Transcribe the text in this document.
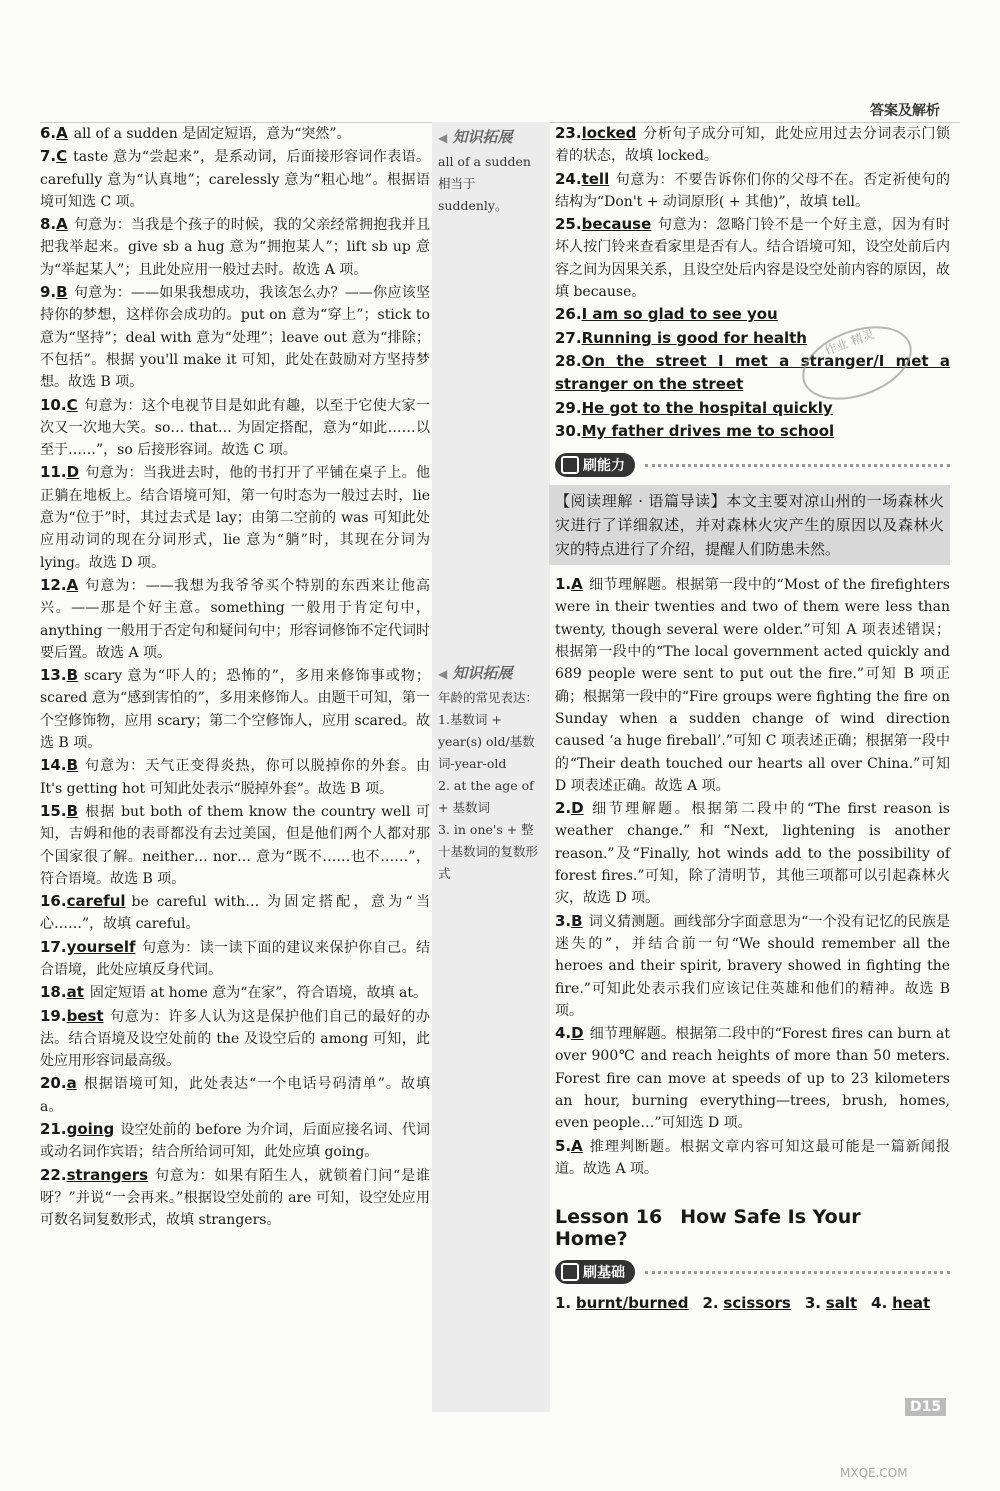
答案及解析

6.A all of a sudden 是固定短语，意为“突然”。

7.C taste 意为“尝起来”，是系动词，后面接形容词作表语。carefully 意为“认真地”；carelessly 意为“粗心地”。根据语境可知选 C 项。

8.A 句意为：当我是个孩子的时候，我的父亲经常拥抱我并且把我举起来。give sb a hug 意为“拥抱某人”；lift sb up 意为“举起某人”；且此处应用一般过去时。故选 A 项。

9.B 句意为：——如果我想成功，我该怎么办？——你应该坚持你的梦想，这样你会成功的。put on 意为“穿上”；stick to 意为“坚持”；deal with 意为“处理”；leave out 意为“排除；不包括”。根据 you'll make it 可知，此处在鼓励对方坚持梦想。故选 B 项。

10.C 句意为：这个电视节目是如此有趣，以至于它使大家一次又一次地大笑。so… that… 为固定搭配，意为“如此……以至于……”，so 后接形容词。故选 C 项。

11.D 句意为：当我进去时，他的书打开了平铺在桌子上。他正躺在地板上。结合语境可知，第一句时态为一般过去时，lie 意为“位于”时，其过去式是 lay；由第二空前的 was 可知此处应用动词的现在分词形式，lie 意为“躺”时，其现在分词为 lying。故选 D 项。

12.A 句意为：——我想为我爷爷买个特别的东西来让他高兴。——那是个好主意。something 一般用于肯定句中，anything 一般用于否定句和疑问句中；形容词修饰不定代词时要后置。故选 A 项。

13.B scary 意为“吓人的；恐怖的”，多用来修饰事或物；scared 意为“感到害怕的”，多用来修饰人。由题干可知，第一个空修饰物，应用 scary；第二个空修饰人，应用 scared。故选 B 项。

14.B 句意为：天气正变得炎热，你可以脱掉你的外套。由 It's getting hot 可知此处表示“脱掉外套”。故选 B 项。

15.B 根据 but both of them know the country well 可知，吉姆和他的表哥都没有去过美国，但是他们两个人都对那个国家很了解。neither… nor… 意为“既不……也不……”，符合语境。故选 B 项。

16.careful be careful with… 为固定搭配，意为“当心……”，故填 careful。

17.yourself 句意为：读一读下面的建议来保护你自己。结合语境，此处应填反身代词。

18.at 固定短语 at home 意为“在家”，符合语境，故填 at。

19.best 句意为：许多人认为这是保护他们自己的最好的办法。结合语境及设空处前的 the 及设空后的 among 可知，此处应用形容词最高级。

20.a 根据语境可知，此处表达“一个电话号码清单”。故填 a。

21.going 设空处前的 before 为介词，后面应接名词、代词或动名词作宾语；结合所给词可知，此处应填 going。

22.strangers 句意为：如果有陌生人，就锁着门问“是谁呀？”并说“一会再来。”根据设空处前的 are 可知，设空处应用可数名词复数形式，故填 strangers。

◀ 知识拓展
all of a sudden
相当于 suddenly。
◀ 知识拓展
年龄的常见表达：
1.基数词 + year(s) old/基数词-year-old
2. at the age of + 基数词
3. in one's + 整十基数词的复数形式

23.locked 分析句子成分可知，此处应用过去分词表示门锁着的状态，故填 locked。

24.tell 句意为：不要告诉你们你的父母不在。否定祈使句的结构为“Don't + 动词原形( + 其他)”，故填 tell。

25.because 句意为：忽略门铃不是一个好主意，因为有时坏人按门铃来查看家里是否有人。结合语境可知，设空处前后内容之间为因果关系，且设空处后内容是设空处前内容的原因，故填 because。

26.I am so glad to see you

27.Running is good for health

28.On the street I met a stranger/I met a stranger on the street

29.He got to the hospital quickly

30.My father drives me to school

刷能力
【阅读理解 · 语篇导读】本文主要对凉山州的一场森林火灾进行了详细叙述，并对森林火灾产生的原因以及森林火灾的特点进行了介绍，提醒人们防患未然。

1.A 细节理解题。根据第一段中的“Most of the firefighters were in their twenties and two of them were less than twenty, though several were older.”可知 A 项表述错误；根据第一段中的“The local government acted quickly and 689 people were sent to put out the fire.”可知 B 项正确；根据第一段中的“Fire groups were fighting the fire on Sunday when a sudden change of wind direction caused ‘a huge fireball’.”可知 C 项表述正确；根据第一段中的“Their death touched our hearts all over China.”可知 D 项表述正确。故选 A 项。

2.D 细节理解题。根据第二段中的“The first reason is weather change.”和“Next, lightening is another reason.”及“Finally, hot winds add to the possibility of forest fires.”可知，除了清明节，其他三项都可以引起森林火灾，故选 D 项。

3.B 词义猜测题。画线部分字面意思为“一个没有记忆的民族是迷失的”，并结合前一句“We should remember all the heroes and their spirit, bravery showed in fighting the fire.”可知此处表示我们应该记住英雄和他们的精神。故选 B 项。

4.D 细节理解题。根据第二段中的“Forest fires can burn at over 900℃ and reach heights of more than 50 meters. Forest fire can move at speeds of up to 23 kilometers an hour, burning everything—trees, brush, homes, even people…”可知选 D 项。

5.A 推理判断题。根据文章内容可知这最可能是一篇新闻报道。故选 A 项。

Lesson 16 How Safe Is Your Home?
刷基础
1. burnt/burned 2. scissors 3. salt 4. heat
作业 精灵
D15
MXQE.COM
